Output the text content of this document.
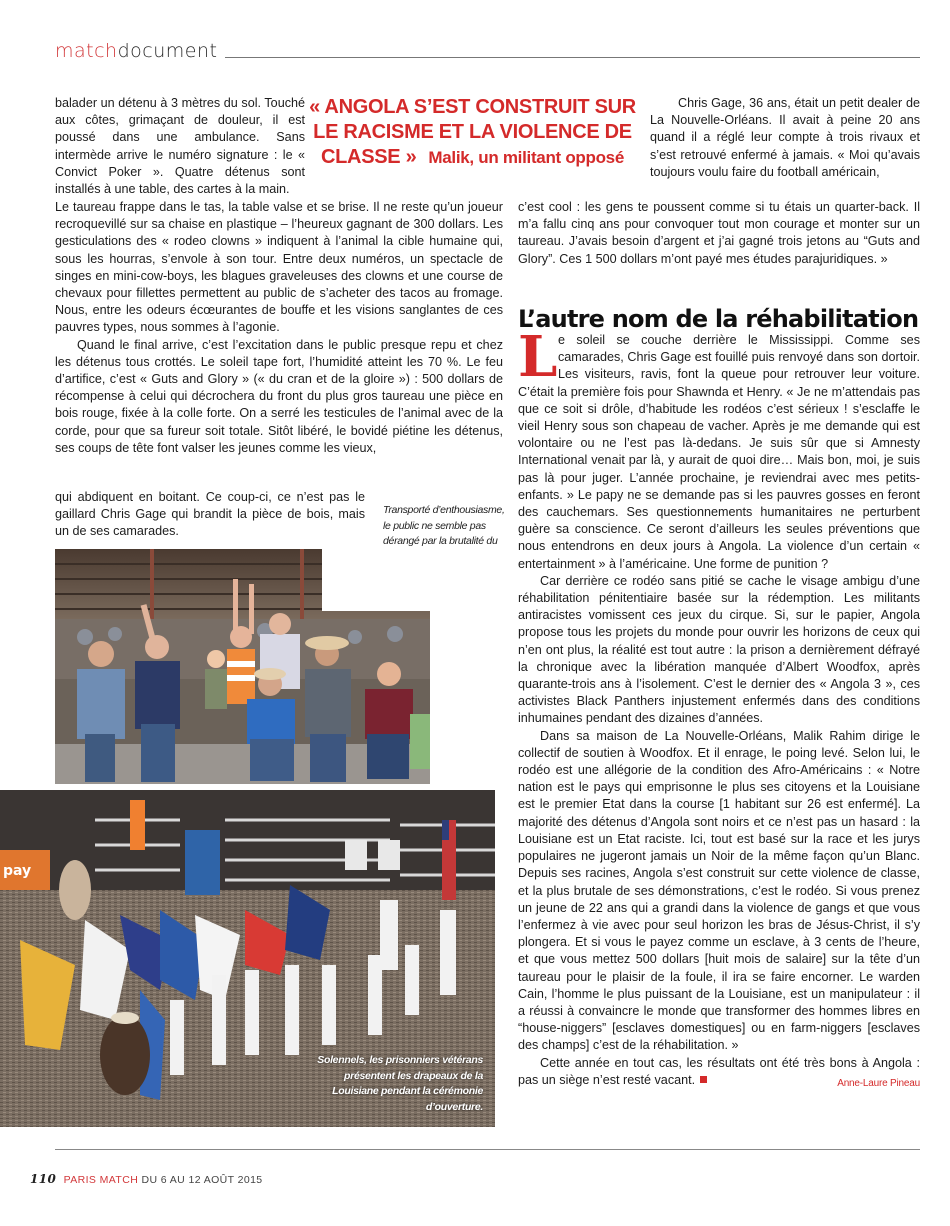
matchdocument

balader un détenu à 3 mètres du sol. Touché aux côtes, grimaçant de douleur, il est poussé dans une ambulance. Sans intermède arrive le numéro signature : le « Convict Poker ». Quatre détenus sont installés à une table, des cartes à la main.

« ANGOLA S’EST CONSTRUIT SUR LE RACISME ET LA VIOLENCE DE CLASSE » Malik, un militant opposé

Le taureau frappe dans le tas, la table valse et se brise. Il ne reste qu’un joueur recroquevillé sur sa chaise en plastique – l’heureux gagnant de 300 dollars. Les gesticulations des « rodeo clowns » indiquent à l’animal la cible humaine qui, sous les hourras, s’envole à son tour. Entre deux numéros, un spectacle de singes en mini-cow-boys, les blagues graveleuses des clowns et une course de chevaux pour fillettes permettent au public de s’acheter des tacos au fromage. Nous, entre les odeurs écœurantes de bouffe et les visions sanglantes de ces pauvres types, nous sommes à l’agonie.

Quand le final arrive, c’est l’excitation dans le public presque repu et chez les détenus tous crottés. Le soleil tape fort, l’humidité atteint les 70 %. Le feu d’artifice, c’est « Guts and Glory » (« du cran et de la gloire ») : 500 dollars de récompense à celui qui décrochera du front du plus gros taureau une pièce en bois rouge, fixée à la colle forte. On a serré les testicules de l’animal avec de la corde, pour que sa fureur soit totale. Sitôt libéré, le bovidé piétine les détenus, ses coups de tête font valser les jeunes comme les vieux,

qui abdiquent en boitant. Ce coup-ci, ce n’est pas le gaillard Chris Gage qui brandit la pièce de bois, mais un de ses camarades.

Transporté d’enthousiasme, le public ne semble pas dérangé par la brutalité du
pay
Solennels, les prisonniers vétérans présentent les drapeaux de la Louisiane pendant la cérémonie d’ouverture.

Chris Gage, 36 ans, était un petit dealer de La Nouvelle-Orléans. Il avait à peine 20 ans quand il a réglé leur compte à trois rivaux et s’est retrouvé enfermé à jamais. « Moi qu’avais toujours voulu faire du football américain,

c’est cool : les gens te poussent comme si tu étais un quarter-back. Il m’a fallu cinq ans pour convoquer tout mon courage et monter sur un taureau. J’avais besoin d’argent et j’ai gagné trois jetons au “Guts and Glory”. Ces 1 500 dollars m’ont payé mes études parajuridiques. »

L’autre nom de la réhabilitation

e soleil se couche derrière le Mississippi. Comme ses camarades, Chris Gage est fouillé puis renvoyé dans son dortoir. Les visiteurs, ravis, font la queue pour retrouver leur voiture. C’était la première fois pour Shawnda et Henry. « Je ne m’attendais pas que ce soit si drôle, d’habitude les rodéos c’est sérieux ! s’esclaffe le vieil Henry sous son chapeau de vacher. Après je me demande qui est volontaire ou ne l’est pas là-dedans. Je suis sûr que si Amnesty International venait par là, y aurait de quoi dire… Mais bon, moi, je suis pas là pour juger. L’année prochaine, je reviendrai avec mes petits-enfants. » Le papy ne se demande pas si les pauvres gosses en feront des cauchemars. Ses questionnements humanitaires ne perturbent guère sa conscience. Ce seront d’ailleurs les seules préventions que nous entendrons en deux jours à Angola. La violence d’un certain « entertainment » à l’américaine. Une forme de punition ?

Car derrière ce rodéo sans pitié se cache le visage ambigu d’une réhabilitation pénitentiaire basée sur la rédemption. Les militants antiracistes vomissent ces jeux du cirque. Si, sur le papier, Angola propose tous les projets du monde pour ouvrir les horizons de ceux qui n’en ont plus, la réalité est tout autre : la prison a dernièrement défrayé la chronique avec la libération manquée d’Albert Woodfox, après quarante-trois ans à l’isolement. C’est le dernier des « Angola 3 », ces activistes Black Panthers injustement enfermés dans des conditions inhumaines pendant des dizaines d’années.

Dans sa maison de La Nouvelle-Orléans, Malik Rahim dirige le collectif de soutien à Woodfox. Et il enrage, le poing levé. Selon lui, le rodéo est une allégorie de la condition des Afro-Américains : « Notre nation est le pays qui emprisonne le plus ses citoyens et la Louisiane est le premier Etat dans la course [1 habitant sur 26 est enfermé]. La majorité des détenus d’Angola sont noirs et ce n’est pas un hasard : la Louisiane est un Etat raciste. Ici, tout est basé sur la race et les jurys populaires ne jugeront jamais un Noir de la même façon qu’un Blanc. Depuis ses racines, Angola s’est construit sur cette violence de classe, et la plus brutale de ses démonstrations, c’est le rodéo. Si vous prenez un jeune de 22 ans qui a grandi dans la violence de gangs et que vous l’enfermez à vie avec pour seul horizon les bras de Jésus-Christ, il s’y plongera. Et si vous le payez comme un esclave, à 3 cents de l’heure, et que vous mettez 500 dollars [huit mois de salaire] sur la tête d’un taureau pour le plaisir de la foule, il ira se faire encorner. Le warden Cain, l’homme le plus puissant de la Louisiane, est un manipulateur : il a réussi à convaincre le monde que transformer des hommes libres en “house-niggers” [esclaves domestiques] ou en farm-niggers [esclaves des champs] c’est de la réhabilitation. »

Cette année en tout cas, les résultats ont été très bons à Angola : pas un siège n’est resté vacant.	Anne-Laure Pineau

L
110 PARIS MATCH DU 6 AU 12 AOÛT 2015
